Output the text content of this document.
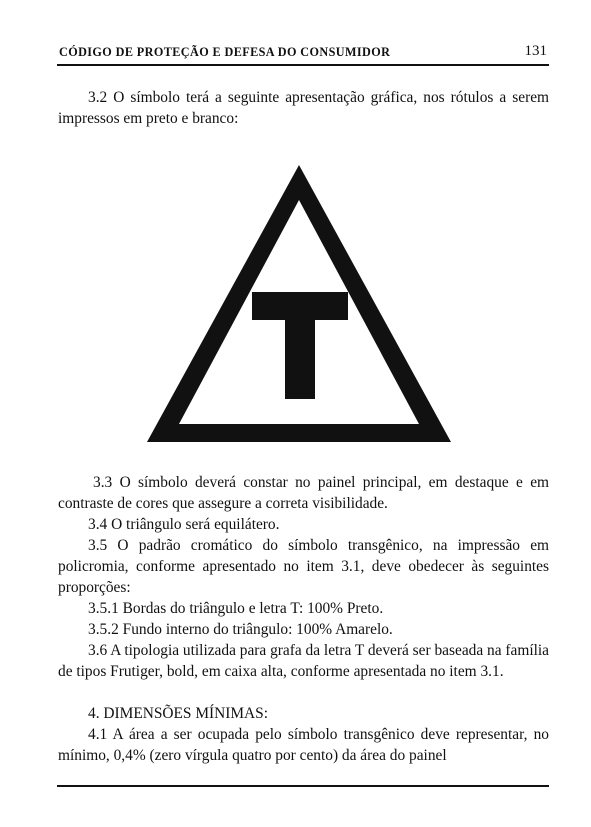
CÓDIGO DE PROTEÇÃO E DEFESA DO CONSUMIDOR	131

3.2 O símbolo terá a seguinte apresentação gráfica, nos rótulos a serem impressos em preto e branco:

3.3 O símbolo deverá constar no painel principal, em destaque e em contraste de cores que assegure a correta visibilidade.

3.4 O triângulo será equilátero.

3.5 O padrão cromático do símbolo transgênico, na impressão em policromia, conforme apresentado no item 3.1, deve obedecer às seguintes proporções:

3.5.1 Bordas do triângulo e letra T: 100% Preto.

3.5.2 Fundo interno do triângulo: 100% Amarelo.

3.6 A tipologia utilizada para grafa da letra T deverá ser baseada na família de tipos Frutiger, bold, em caixa alta, conforme apresentada no item 3.1.

4. DIMENSÕES MÍNIMAS:

4.1 A área a ser ocupada pelo símbolo transgênico deve representar, no mínimo, 0,4% (zero vírgula quatro por cento) da área do painel
